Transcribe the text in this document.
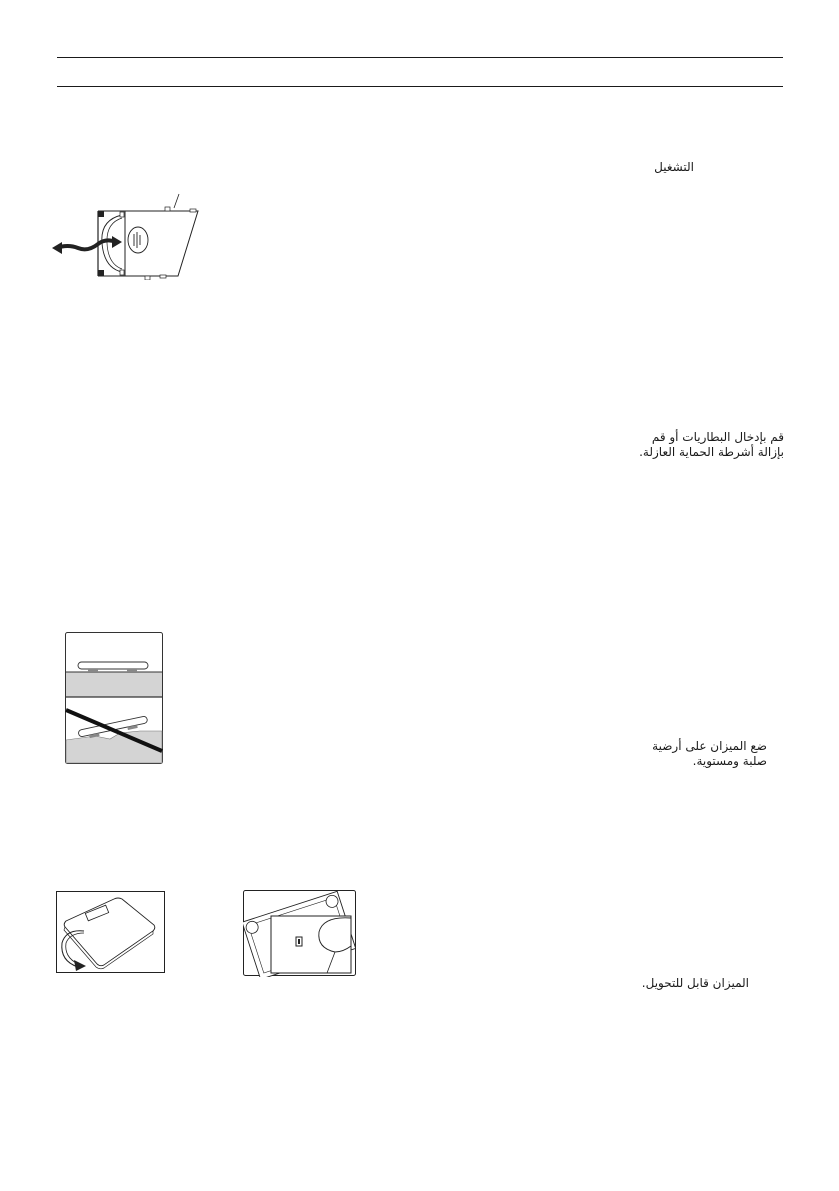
التشغيل
قم بإدخال البطاريات أو قم
بإزالة أشرطة الحماية العازلة.
ضع الميزان على أرضية
صلبة ومستوية.
الميزان قابل للتحويل.
